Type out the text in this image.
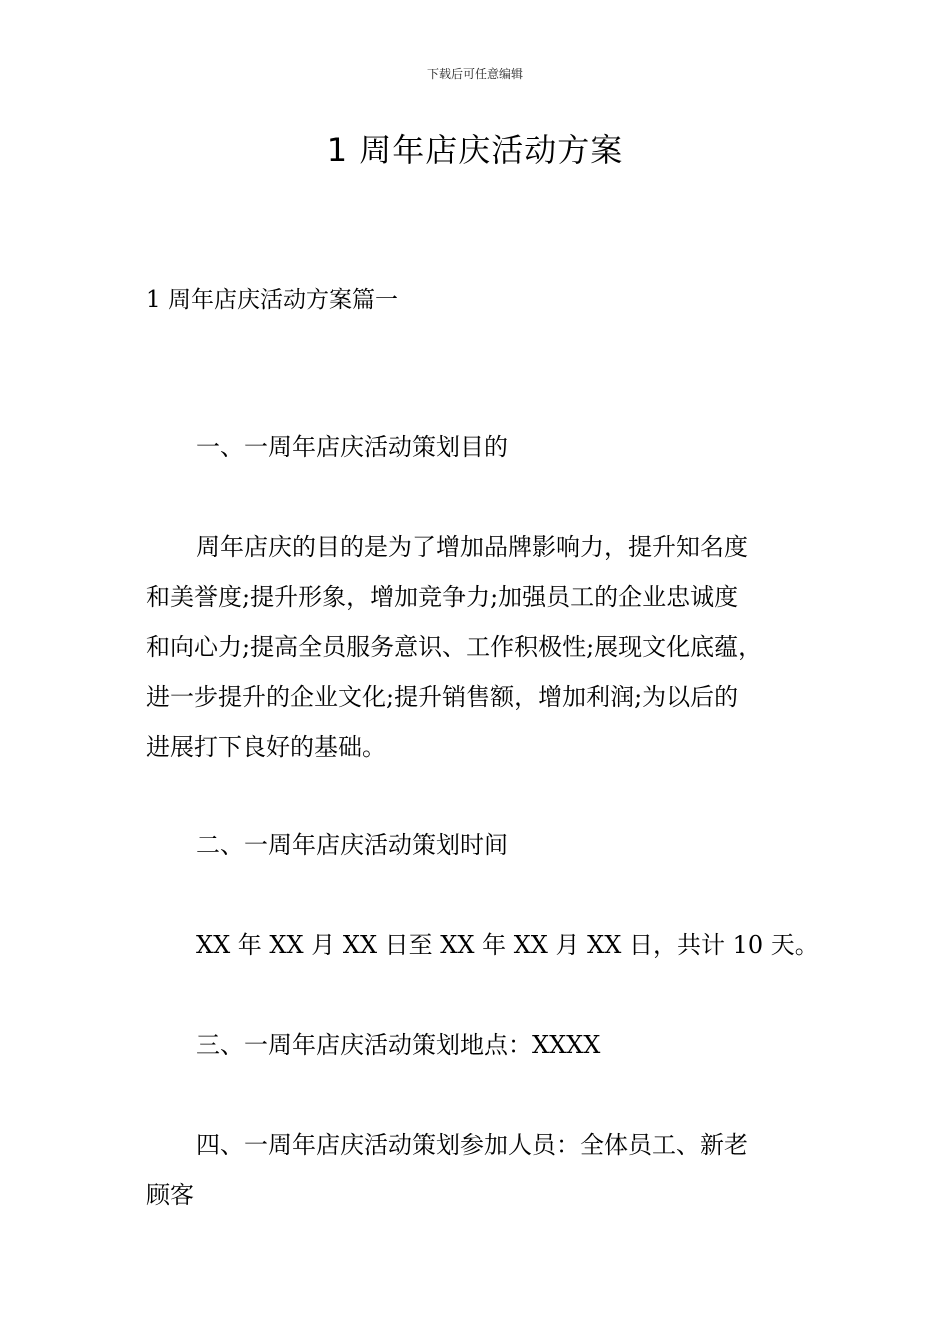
下载后可任意编辑
1 周年店庆活动方案
1 周年店庆活动方案篇一
一、一周年店庆活动策划目的
周年店庆的目的是为了增加品牌影响力，提升知名度
和美誉度;提升形象，增加竞争力;加强员工的企业忠诚度
和向心力;提高全员服务意识、工作积极性;展现文化底蕴，
进一步提升的企业文化;提升销售额，增加利润;为以后的
进展打下良好的基础。
二、一周年店庆活动策划时间
XX 年 XX 月 XX 日至 XX 年 XX 月 XX 日，共计 10 天。
三、一周年店庆活动策划地点：XXXX
四、一周年店庆活动策划参加人员：全体员工、新老
顾客
